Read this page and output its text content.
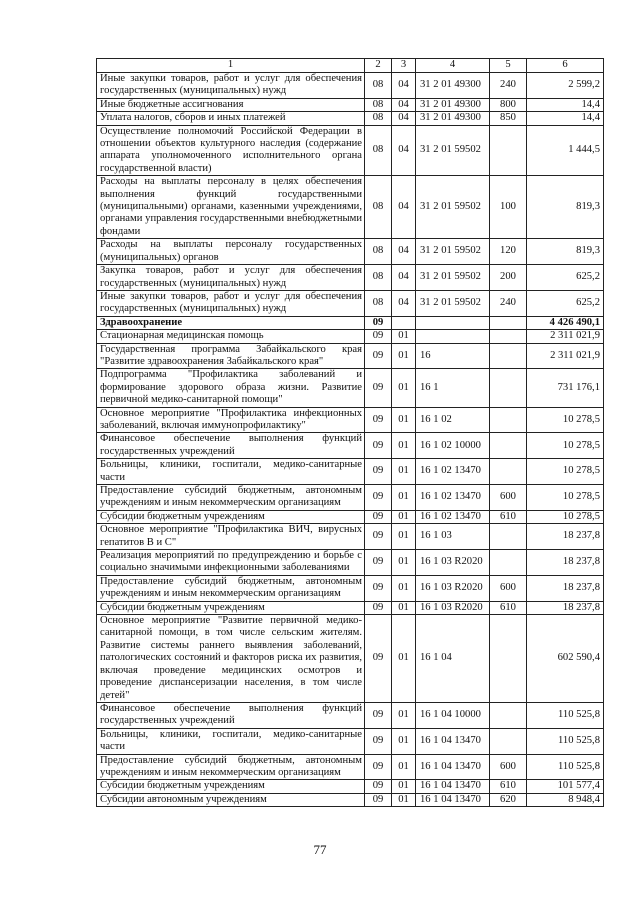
1	2	3	4	5	6
Иные закупки товаров, работ и услуг для обеспечения государственных (муниципальных) нужд	08	04	31 2 01 49300	240	2 599,2
Иные бюджетные ассигнования	08	04	31 2 01 49300	800	14,4
Уплата налогов, сборов и иных платежей	08	04	31 2 01 49300	850	14,4
Осуществление полномочий Российской Федерации в отношении объектов культурного наследия (содержание аппарата уполномоченного исполнительного органа государственной власти)	08	04	31 2 01 59502		1 444,5
Расходы на выплаты персоналу в целях обеспечения выполнения функций государственными (муниципальными) органами, казенными учреждениями, органами управления государственными внебюджетными фондами	08	04	31 2 01 59502	100	819,3
Расходы на выплаты персоналу государственных (муниципальных) органов	08	04	31 2 01 59502	120	819,3
Закупка товаров, работ и услуг для обеспечения государственных (муниципальных) нужд	08	04	31 2 01 59502	200	625,2
Иные закупки товаров, работ и услуг для обеспечения государственных (муниципальных) нужд	08	04	31 2 01 59502	240	625,2
Здравоохранение	09				4 426 490,1
Стационарная медицинская помощь	09	01			2 311 021,9
Государственная программа Забайкальского края "Развитие здравоохранения Забайкальского края"	09	01	16		2 311 021,9
Подпрограмма "Профилактика заболеваний и формирование здорового образа жизни. Развитие первичной медико-санитарной помощи"	09	01	16 1		731 176,1
Основное мероприятие "Профилактика инфекционных заболеваний, включая иммунопрофилактику"	09	01	16 1 02		10 278,5
Финансовое обеспечение выполнения функций государственных учреждений	09	01	16 1 02 10000		10 278,5
Больницы, клиники, госпитали, медико-санитарные части	09	01	16 1 02 13470		10 278,5
Предоставление субсидий бюджетным, автономным учреждениям и иным некоммерческим организациям	09	01	16 1 02 13470	600	10 278,5
Субсидии бюджетным учреждениям	09	01	16 1 02 13470	610	10 278,5
Основное мероприятие "Профилактика ВИЧ, вирусных гепатитов В и С"	09	01	16 1 03		18 237,8
Реализация мероприятий по предупреждению и борьбе с социально значимыми инфекционными заболеваниями	09	01	16 1 03 R2020		18 237,8
Предоставление субсидий бюджетным, автономным учреждениям и иным некоммерческим организациям	09	01	16 1 03 R2020	600	18 237,8
Субсидии бюджетным учреждениям	09	01	16 1 03 R2020	610	18 237,8
Основное мероприятие "Развитие первичной медико-санитарной помощи, в том числе сельским жителям. Развитие системы раннего выявления заболеваний, патологических состояний и факторов риска их развития, включая проведение медицинских осмотров и проведение диспансеризации населения, в том числе детей"	09	01	16 1 04		602 590,4
Финансовое обеспечение выполнения функций государственных учреждений	09	01	16 1 04 10000		110 525,8
Больницы, клиники, госпитали, медико-санитарные части	09	01	16 1 04 13470		110 525,8
Предоставление субсидий бюджетным, автономным учреждениям и иным некоммерческим организациям	09	01	16 1 04 13470	600	110 525,8
Субсидии бюджетным учреждениям	09	01	16 1 04 13470	610	101 577,4
Субсидии автономным учреждениям	09	01	16 1 04 13470	620	8 948,4
77
